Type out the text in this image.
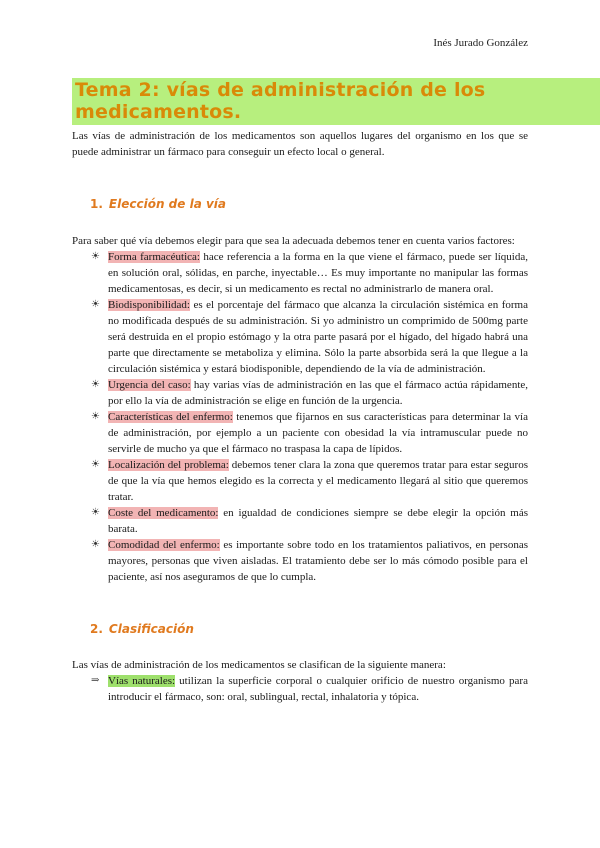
Inés Jurado González
Tema 2: vías de administración de los medicamentos.

Las vías de administración de los medicamentos son aquellos lugares del organismo en los que se puede administrar un fármaco para conseguir un efecto local o general.

1. Elección de la vía

Para saber qué vía debemos elegir para que sea la adecuada debemos tener en cuenta varios factores:

☀ Forma farmacéutica: hace referencia a la forma en la que viene el fármaco, puede ser líquida, en solución oral, sólidas, en parche, inyectable… Es muy importante no manipular las formas medicamentosas, es decir, si un medicamento es rectal no administrarlo de manera oral.
☀ Biodisponibilidad: es el porcentaje del fármaco que alcanza la circulación sistémica en forma no modificada después de su administración. Si yo administro un comprimido de 500mg parte será destruida en el propio estómago y la otra parte pasará por el hígado, del hígado habrá una parte que directamente se metaboliza y elimina. Sólo la parte absorbida será la que llegue a la circulación sistémica y estará biodisponible, dependiendo de la vía de administración.
☀ Urgencia del caso: hay varias vías de administración en las que el fármaco actúa rápidamente, por ello la vía de administración se elige en función de la urgencia.
☀ Características del enfermo: tenemos que fijarnos en sus características para determinar la vía de administración, por ejemplo a un paciente con obesidad la vía intramuscular puede no servirle de mucho ya que el fármaco no traspasa la capa de lípidos.
☀ Localización del problema: debemos tener clara la zona que queremos tratar para estar seguros de que la vía que hemos elegido es la correcta y el medicamento llegará al sitio que queremos tratar.
☀ Coste del medicamento: en igualdad de condiciones siempre se debe elegir la opción más barata.
☀ Comodidad del enfermo: es importante sobre todo en los tratamientos paliativos, en personas mayores, personas que viven aisladas. El tratamiento debe ser lo más cómodo posible para el paciente, así nos aseguramos de que lo cumpla.
2. Clasificación

Las vías de administración de los medicamentos se clasifican de la siguiente manera:

⇒ Vías naturales: utilizan la superficie corporal o cualquier orificio de nuestro organismo para introducir el fármaco, son: oral, sublingual, rectal, inhalatoria y tópica.
